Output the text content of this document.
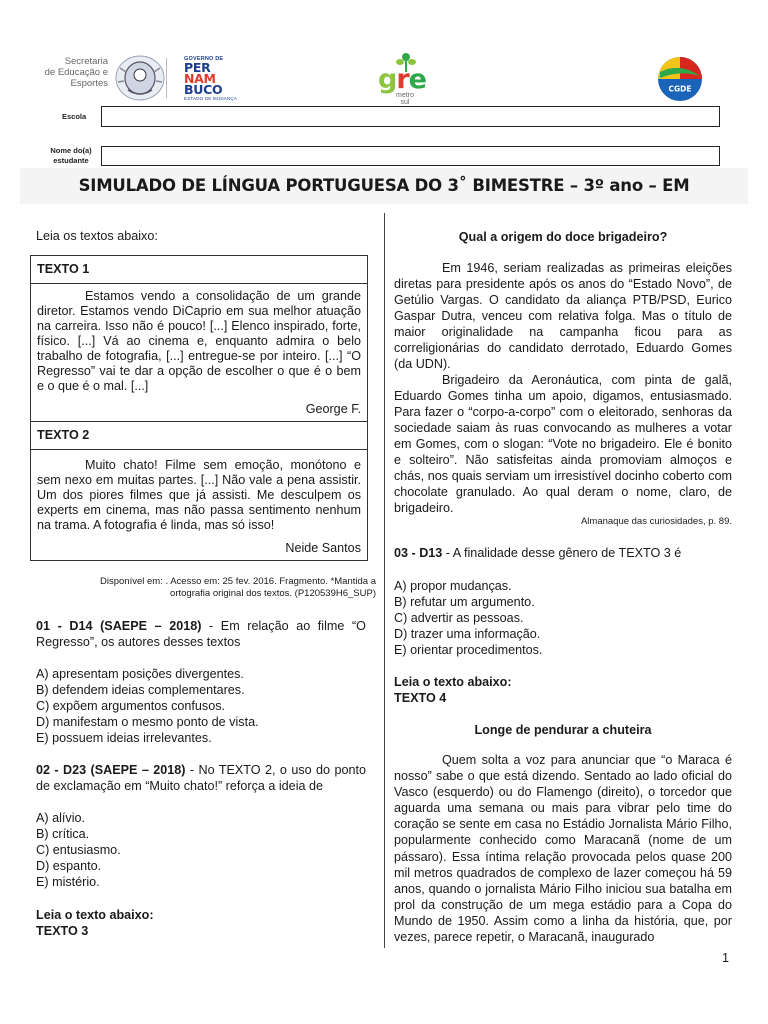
Secretaria
de Educação e
Esportes
GOVERNO DE
PER
NAM
BUCO
ESTADO DE MUDANÇA
gre
metro
sul
CGDE
Escola
Nome do(a)
estudante
SIMULADO DE LÍNGUA PORTUGUESA DO 3˚ BIMESTRE – 3º ano – EM
Leia os textos abaixo:
TEXTO 1
Estamos vendo a consolidação de um grande diretor. Estamos vendo DiCaprio em sua melhor atuação na carreira. Isso não é pouco! [...] Elenco inspirado, forte, físico. [...] Vá ao cinema e, enquanto admira o belo trabalho de fotografia, [...] entregue-se por inteiro. [...] “O Regresso” vai te dar a opção de escolher o que é o bem e o que é o mal. [...]
George F.
TEXTO 2
Muito chato! Filme sem emoção, monótono e sem nexo em muitas partes. [...] Não vale a pena assistir. Um dos piores filmes que já assisti. Me desculpem os experts em cinema, mas não passa sentimento nenhum na trama. A fotografia é linda, mas só isso!
Neide Santos
Disponível em: . Acesso em: 25 fev. 2016. Fragmento. *Mantida a ortografia original dos textos. (P120539H6_SUP)
01 - D14 (SAEPE – 2018) - Em relação ao filme “O Regresso”, os autores desses textos
A) apresentam posições divergentes.
B) defendem ideias complementares.
C) expõem argumentos confusos.
D) manifestam o mesmo ponto de vista.
E) possuem ideias irrelevantes.
02 - D23 (SAEPE – 2018) - No TEXTO 2, o uso do ponto de exclamação em “Muito chato!” reforça a ideia de
A) alívio.
B) crítica.
C) entusiasmo.
D) espanto.
E) mistério.
Leia o texto abaixo:
TEXTO 3
Qual a origem do doce brigadeiro?
Em 1946, seriam realizadas as primeiras eleições diretas para presidente após os anos do “Estado Novo”, de Getúlio Vargas. O candidato da aliança PTB/PSD, Eurico Gaspar Dutra, venceu com relativa folga. Mas o título de maior originalidade na campanha ficou para as correligionárias do candidato derrotado, Eduardo Gomes (da UDN).
Brigadeiro da Aeronáutica, com pinta de galã, Eduardo Gomes tinha um apoio, digamos, entusiasmado. Para fazer o “corpo-a-corpo” com o eleitorado, senhoras da sociedade saiam às ruas convocando as mulheres a votar em Gomes, com o slogan: “Vote no brigadeiro. Ele é bonito e solteiro”. Não satisfeitas ainda promoviam almoços e chás, nos quais serviam um irresistível docinho coberto com chocolate granulado. Ao qual deram o nome, claro, de brigadeiro.
Almanaque das curiosidades, p. 89.
03 - D13 - A finalidade desse gênero de TEXTO 3 é
A) propor mudanças.
B) refutar um argumento.
C) advertir as pessoas.
D) trazer uma informação.
E) orientar procedimentos.
Leia o texto abaixo:
TEXTO 4
Longe de pendurar a chuteira
Quem solta a voz para anunciar que “o Maraca é nosso” sabe o que está dizendo. Sentado ao lado oficial do Vasco (esquerdo) ou do Flamengo (direito), o torcedor que aguarda uma semana ou mais para vibrar pelo time do coração se sente em casa no Estádio Jornalista Mário Filho, popularmente conhecido como Maracanã (nome de um pássaro). Essa íntima relação provocada pelos quase 200 mil metros quadrados de complexo de lazer começou há 59 anos, quando o jornalista Mário Filho iniciou sua batalha em prol da construção de um mega estádio para a Copa do Mundo de 1950. Assim como a linha da história, que, por vezes, parece repetir, o Maracanã, inaugurado
1
